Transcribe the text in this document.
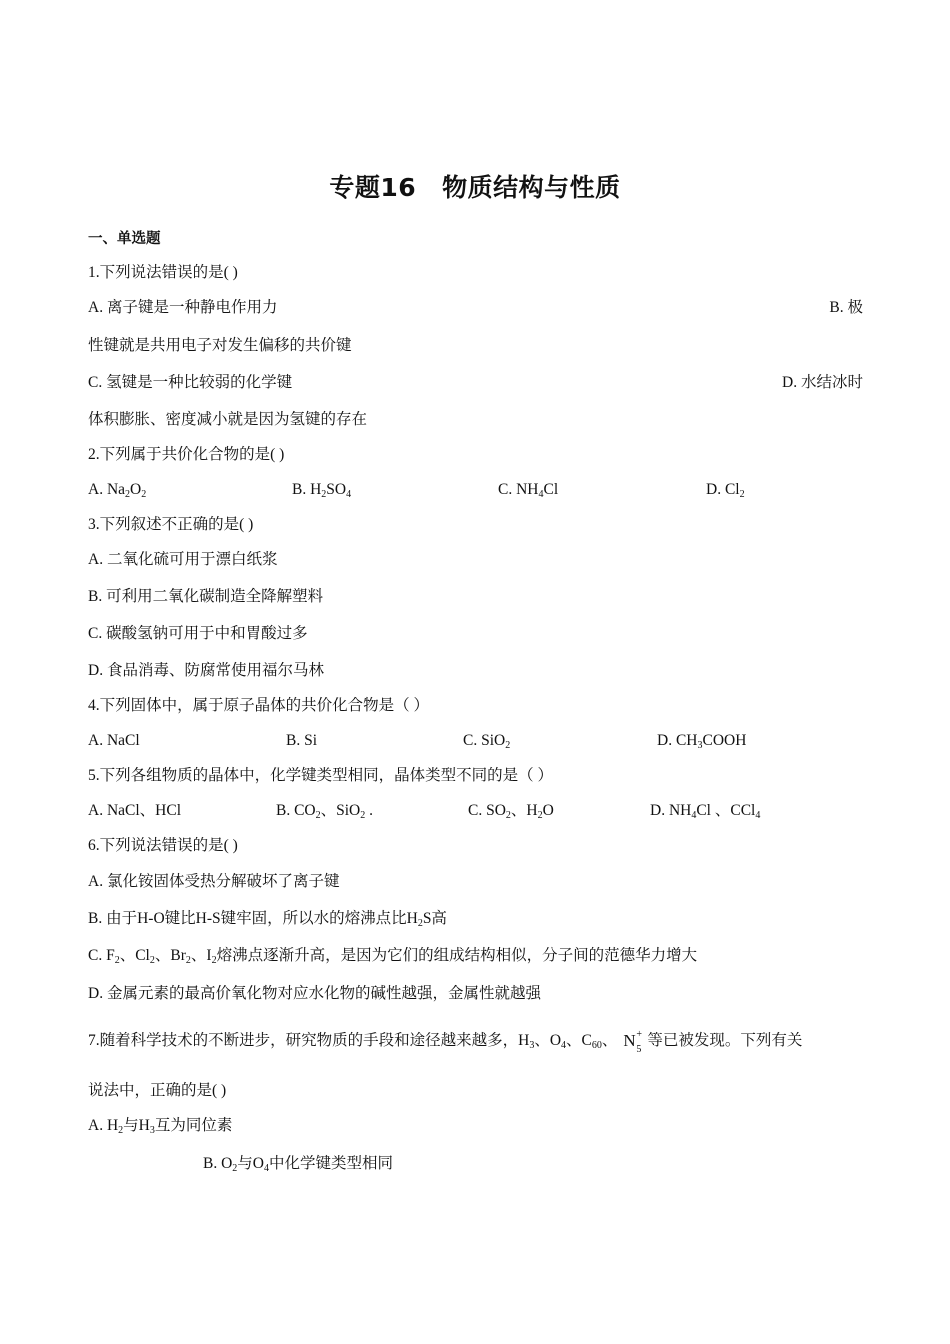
专题16 物质结构与性质
一、单选题
1.下列说法错误的是( )
A. 离子键是一种静电作用力	B. 极
性键就是共用电子对发生偏移的共价键
C. 氢键是一种比较弱的化学键	D. 水结冰时
体积膨胀、密度减小就是因为氢键的存在
2.下列属于共价化合物的是( )
A. $Na_2O_2$	B. $H_2SO_4$	C. $NH_4Cl$	D. $Cl_2$
3.下列叙述不正确的是( )
A. 二氧化硫可用于漂白纸浆
B. 可利用二氧化碳制造全降解塑料
C. 碳酸氢钠可用于中和胃酸过多
D. 食品消毒、防腐常使用福尔马林
4.下列固体中，属于原子晶体的共价化合物是（ ）
A. NaCl	B. Si	C. SiO$_2$	D. $CH_3COOH$
5.下列各组物质的晶体中，化学键类型相同，晶体类型不同的是（ ）
A. NaCl、HCl	B. $CO_2$、SiO$_2$ .	C. $SO_2$、$H_2O$	D. $NH_4Cl$ 、CCl$_4$
6.下列说法错误的是( )
A. 氯化铵固体受热分解破坏了离子键
B. 由于H-O键比H-S键牢固，所以水的熔沸点比$H_2S$高
C. $F_2$、$Cl_2$、$Br_2$、$I_2$熔沸点逐渐升高，是因为它们的组成结构相似，分子间的范德华力增大
D. 金属元素的最高价氧化物对应水化物的碱性越强，金属性就越强
7.随着科学技术的不断进步，研究物质的手段和途径越来越多，$H_3$、$O_4$、$C_{60}$、 N +
5
等已被发现。下列有关
说法中，正确的是( )
A. $H_2$与$H_3$互为同位素
B. $O_2$与$O_4$中化学键类型相同
